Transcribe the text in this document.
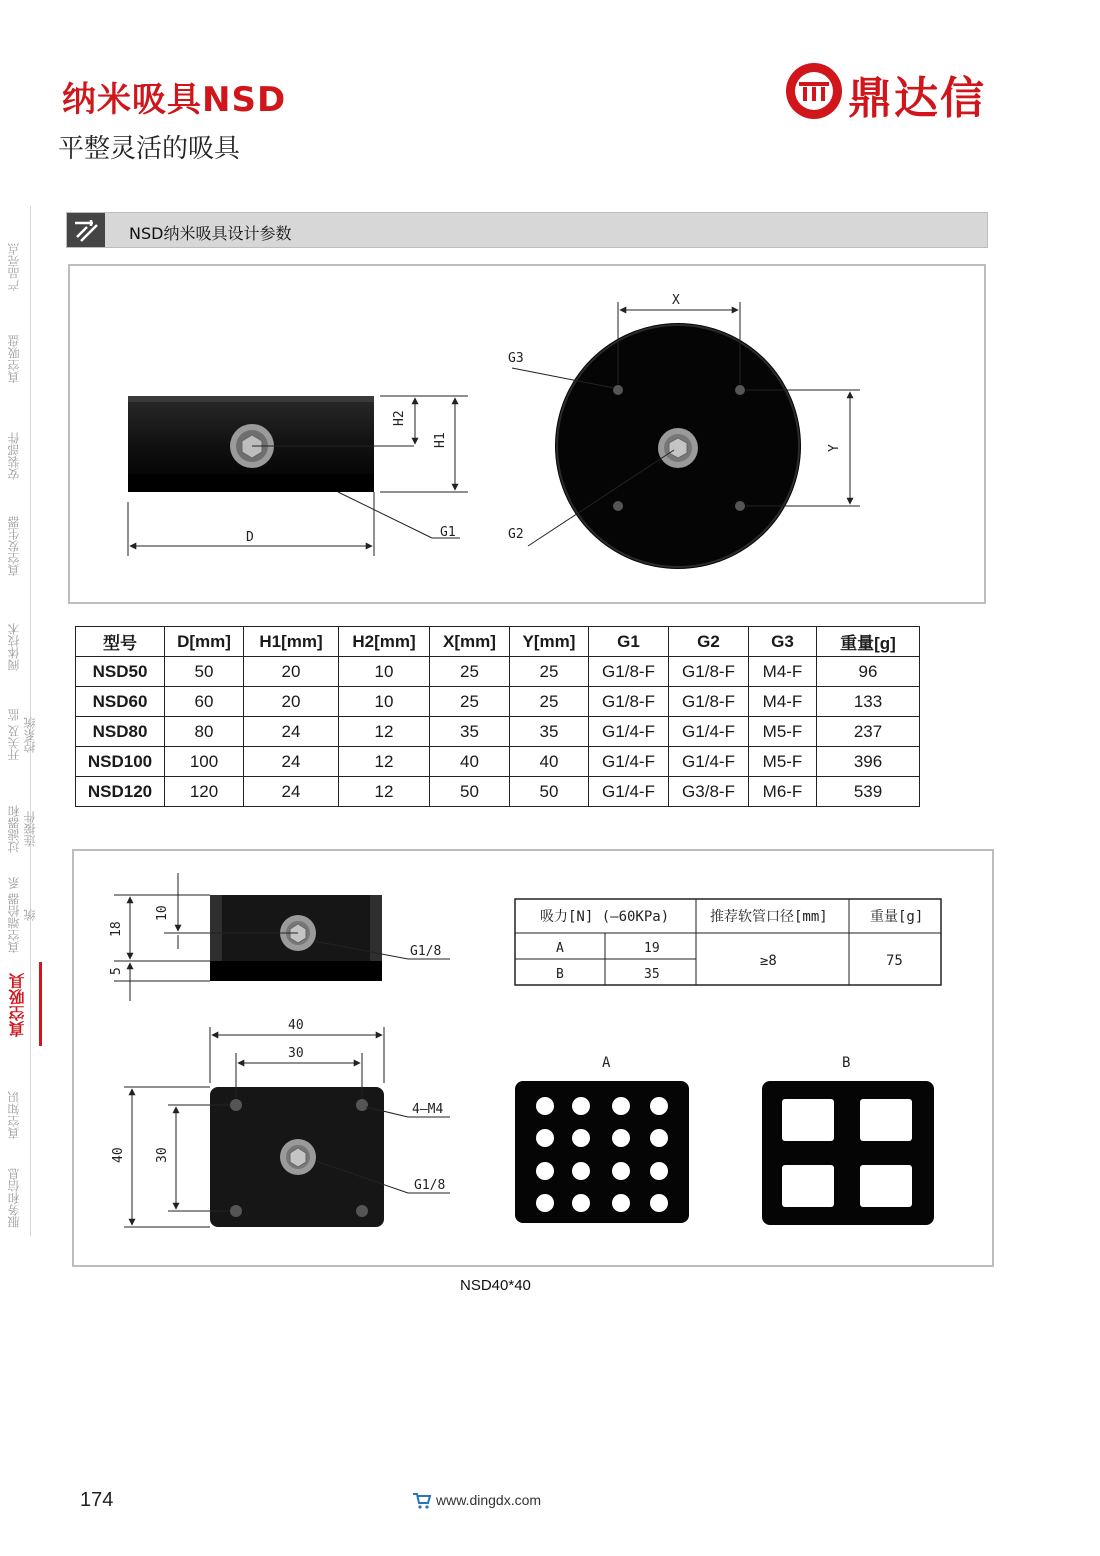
纳米吸具NSD
平整灵活的吸具
鼎达信
产品亮点
真空吸盘
安装部件
真空发生器
阀体技术
开关及 监控系统
过滤器和 连接件
真空端拾器 系统
真空吸具
真空知识
服务和信息
NSD纳米吸具设计参数
D
H2
H1
G1
X
Y
G3
G2
型号	D[mm]	H1[mm]	H2[mm]	X[mm]	Y[mm]	G1	G2	G3	重量[g]
NSD50	50	20	10	25	25	G1/8-F	G1/8-F	M4-F	96
NSD60	60	20	10	25	25	G1/8-F	G1/8-F	M4-F	133
NSD80	80	24	12	35	35	G1/4-F	G1/4-F	M5-F	237
NSD100	100	24	12	40	40	G1/4-F	G1/4-F	M5-F	396
NSD120	120	24	12	50	50	G1/4-F	G3/8-F	M6-F	539
18
10
5
G1/8
40
30
40 30
4—M4
G1/8
吸力[N] (—60KPa)	推荐软管口径[mm]	重量[g]
A	19
B	35
≥8	75
A	B
NSD40*40
174	www.dingdx.com
